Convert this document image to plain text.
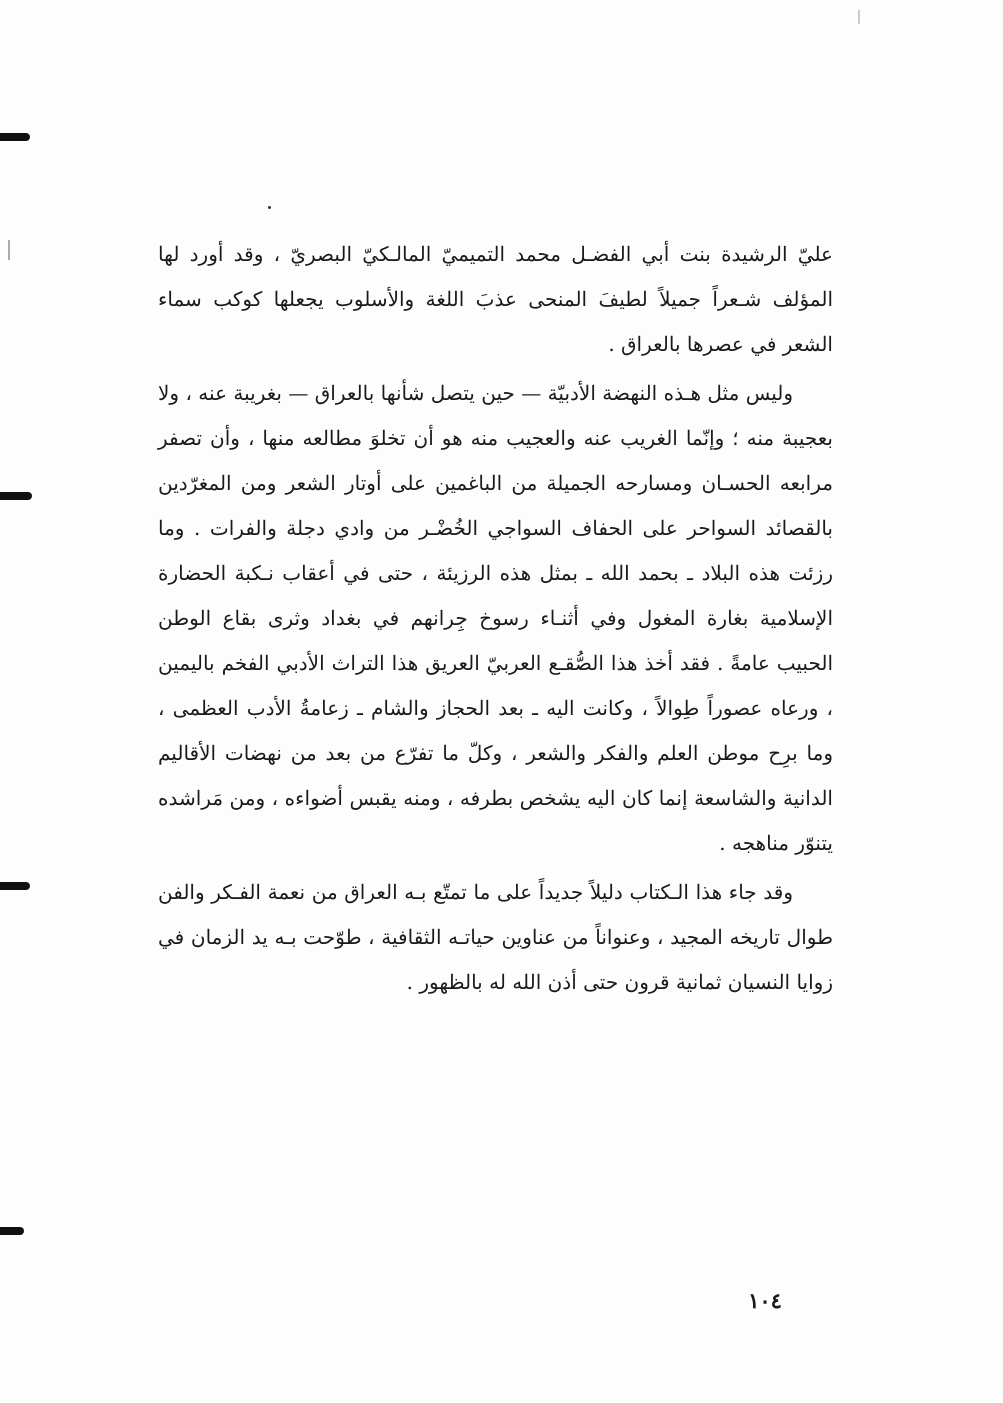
عليّ الرشيدة بنت أبي الفضـل محمد التميميّ المالـكيّ البصريّ ، وقد أورد لها المؤلف شـعراً جميلاً لطيفَ المنحى عذبَ اللغة والأسلوب يجعلها كوكب سماء الشعر في عصرها بالعراق .

وليس مثل هـذه النهضة الأدبيّة — حين يتصل شأنها بالعراق — بغريبة عنه ، ولا بعجيبة منه ؛ وإنّما الغريب عنه والعجيب منه هو أن تخلوَ مطالعه منها ، وأن تصفر مرابعه الحسـان ومسارحه الجميلة من الباغمين على أوتار الشعر ومن المغرّدين بالقصائد السواحر على الحفاف السواجي الخُضْـر من وادي دجلة والفرات . وما رزئت هذه البلاد ـ بحمد الله ـ بمثل هذه الرزيئة ، حتى في أعقاب نـكبة الحضارة الإسلامية بغارة المغول وفي أثنـاء رسوخ جِرانهم في بغداد وثرى بقاع الوطن الحبيب عامةً . فقد أخذ هذا الصُّقـع العربيّ العريق هذا التراث الأدبي الفخم باليمين ، ورعاه عصوراً طِوالاً ، وكانت اليه ـ بعد الحجاز والشام ـ زعامةُ الأدب العظمى ، وما برِح موطن العلم والفكر والشعر ، وكلّ ما تفرّع من بعد من نهضات الأقاليم الدانية والشاسعة إنما كان اليه يشخص بطرفه ، ومنه يقبس أضواءه ، ومن مَراشده يتنوّر مناهجه .

وقد جاء هذا الـكتاب دليلاً جديداً على ما تمتّع بـه العراق من نعمة الفـكر والفن طوال تاريخه المجيد ، وعنواناً من عناوين حياتـه الثقافية ، طوّحت بـه يد الزمان في زوايا النسيان ثمانية قرون حتى أذن الله له بالظهور .

١٠٤
